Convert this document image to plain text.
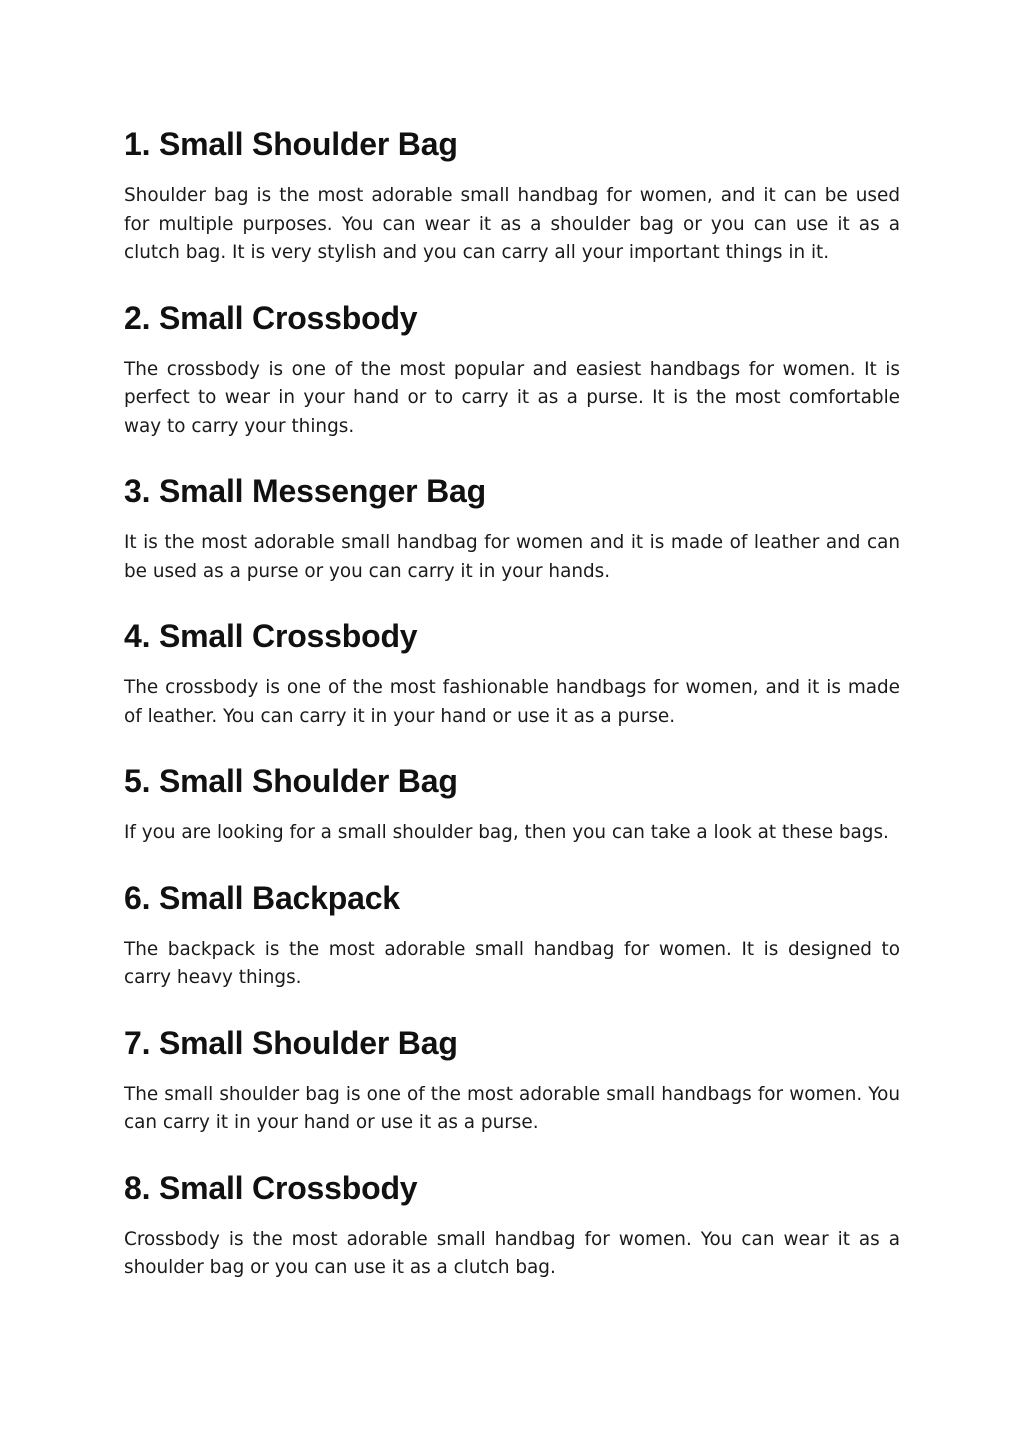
1. Small Shoulder Bag

Shoulder bag is the most adorable small handbag for women, and it can be used for multiple purposes. You can wear it as a shoulder bag or you can use it as a clutch bag. It is very stylish and you can carry all your important things in it.

2. Small Crossbody

The crossbody is one of the most popular and easiest handbags for women. It is perfect to wear in your hand or to carry it as a purse. It is the most comfortable way to carry your things.

3. Small Messenger Bag

It is the most adorable small handbag for women and it is made of leather and can be used as a purse or you can carry it in your hands.

4. Small Crossbody

The crossbody is one of the most fashionable handbags for women, and it is made of leather. You can carry it in your hand or use it as a purse.

5. Small Shoulder Bag

If you are looking for a small shoulder bag, then you can take a look at these bags.

6. Small Backpack

The backpack is the most adorable small handbag for women. It is designed to carry heavy things.

7. Small Shoulder Bag

The small shoulder bag is one of the most adorable small handbags for women. You can carry it in your hand or use it as a purse.

8. Small Crossbody

Crossbody is the most adorable small handbag for women. You can wear it as a shoulder bag or you can use it as a clutch bag.
